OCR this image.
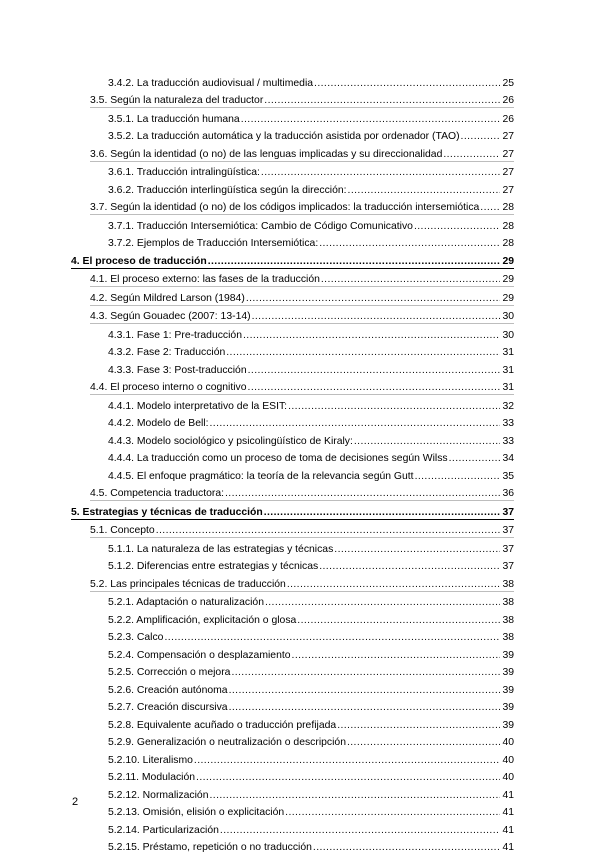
3.4.2. La traducción audiovisual / multimedia .....	25
3.5. Según la naturaleza del traductor .....	26
3.5.1. La traducción humana .....	26
3.5.2. La traducción automática y la traducción asistida por ordenador (TAO) .....	27
3.6. Según la identidad (o no) de las lenguas implicadas y su direccionalidad .....	27
3.6.1. Traducción intralingüística: .....	27
3.6.2. Traducción interlingüística según la dirección: .....	27
3.7. Según la identidad (o no) de los códigos implicados: la traducción intersemiótica ..... 28
3.7.1. Traducción Intersemiótica: Cambio de Código Comunicativo .....	28
3.7.2. Ejemplos de Traducción Intersemiótica: .....	28
4. El proceso de traducción .....	29
4.1. El proceso externo: las fases de la traducción .....	29
4.2. Según Mildred Larson (1984) .....	29
4.3. Según Gouadec (2007: 13-14) .....	30
4.3.1. Fase 1: Pre-traducción .....	30
4.3.2. Fase 2: Traducción .....	31
4.3.3. Fase 3: Post-traducción .....	31
4.4. El proceso interno o cognitivo .....	31
4.4.1. Modelo interpretativo de la ESIT: .....	32
4.4.2. Modelo de Bell: .....	33
4.4.3. Modelo sociológico y psicolingüístico de Kiraly: .....	33
4.4.4. La traducción como un proceso de toma de decisiones según Wilss .....	34
4.4.5. El enfoque pragmático: la teoría de la relevancia según Gutt .....	35
4.5. Competencia traductora: .....	36
5. Estrategias y técnicas de traducción .....	37
5.1. Concepto .....	37
5.1.1. La naturaleza de las estrategias y técnicas .....	37
5.1.2. Diferencias entre estrategias y técnicas .....	37
5.2. Las principales técnicas de traducción .....	38
5.2.1. Adaptación o naturalización .....	38
5.2.2. Amplificación, explicitación o glosa .....	38
5.2.3. Calco .....	38
5.2.4. Compensación o desplazamiento .....	39
5.2.5. Corrección o mejora .....	39
5.2.6. Creación autónoma .....	39
5.2.7. Creación discursiva .....	39
5.2.8. Equivalente acuñado o traducción prefijada .....	39
5.2.9. Generalización o neutralización o descripción .....	40
5.2.10. Literalismo .....	40
5.2.11. Modulación .....	40
5.2.12. Normalización .....	41
5.2.13. Omisión, elisión o explicitación .....	41
5.2.14. Particularización .....	41
5.2.15. Préstamo, repetición o no traducción .....	41
2
